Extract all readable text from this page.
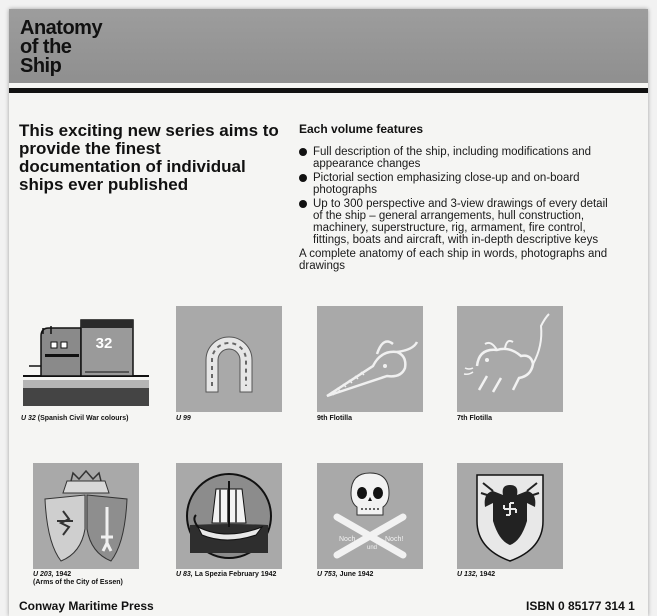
Anatomy
of the
Ship

This exciting new series aims to provide the finest documentation of individual ships ever published

Each volume features

Full description of the ship, including modifications and appearance changes
Pictorial section emphasizing close-up and on-board photographs
Up to 300 perspective and 3-view drawings of every detail of the ship – general arrangements, hull construction, machinery, superstructure, rig, armament, fire control, fittings, boats and aircraft, with in-depth descriptive keys
A complete anatomy of each ship in words, photographs and drawings
32
U 32 (Spanish Civil War colours)	U 99	9th Flotilla	7th Flotilla
U 203, 1942
(Arms of the City of Essen)
U 83, La Spezia February 1942
Noch
und
Noch!
U 753, June 1942	U 132, 1942
Conway Maritime Press	ISBN 0 85177 314 1
